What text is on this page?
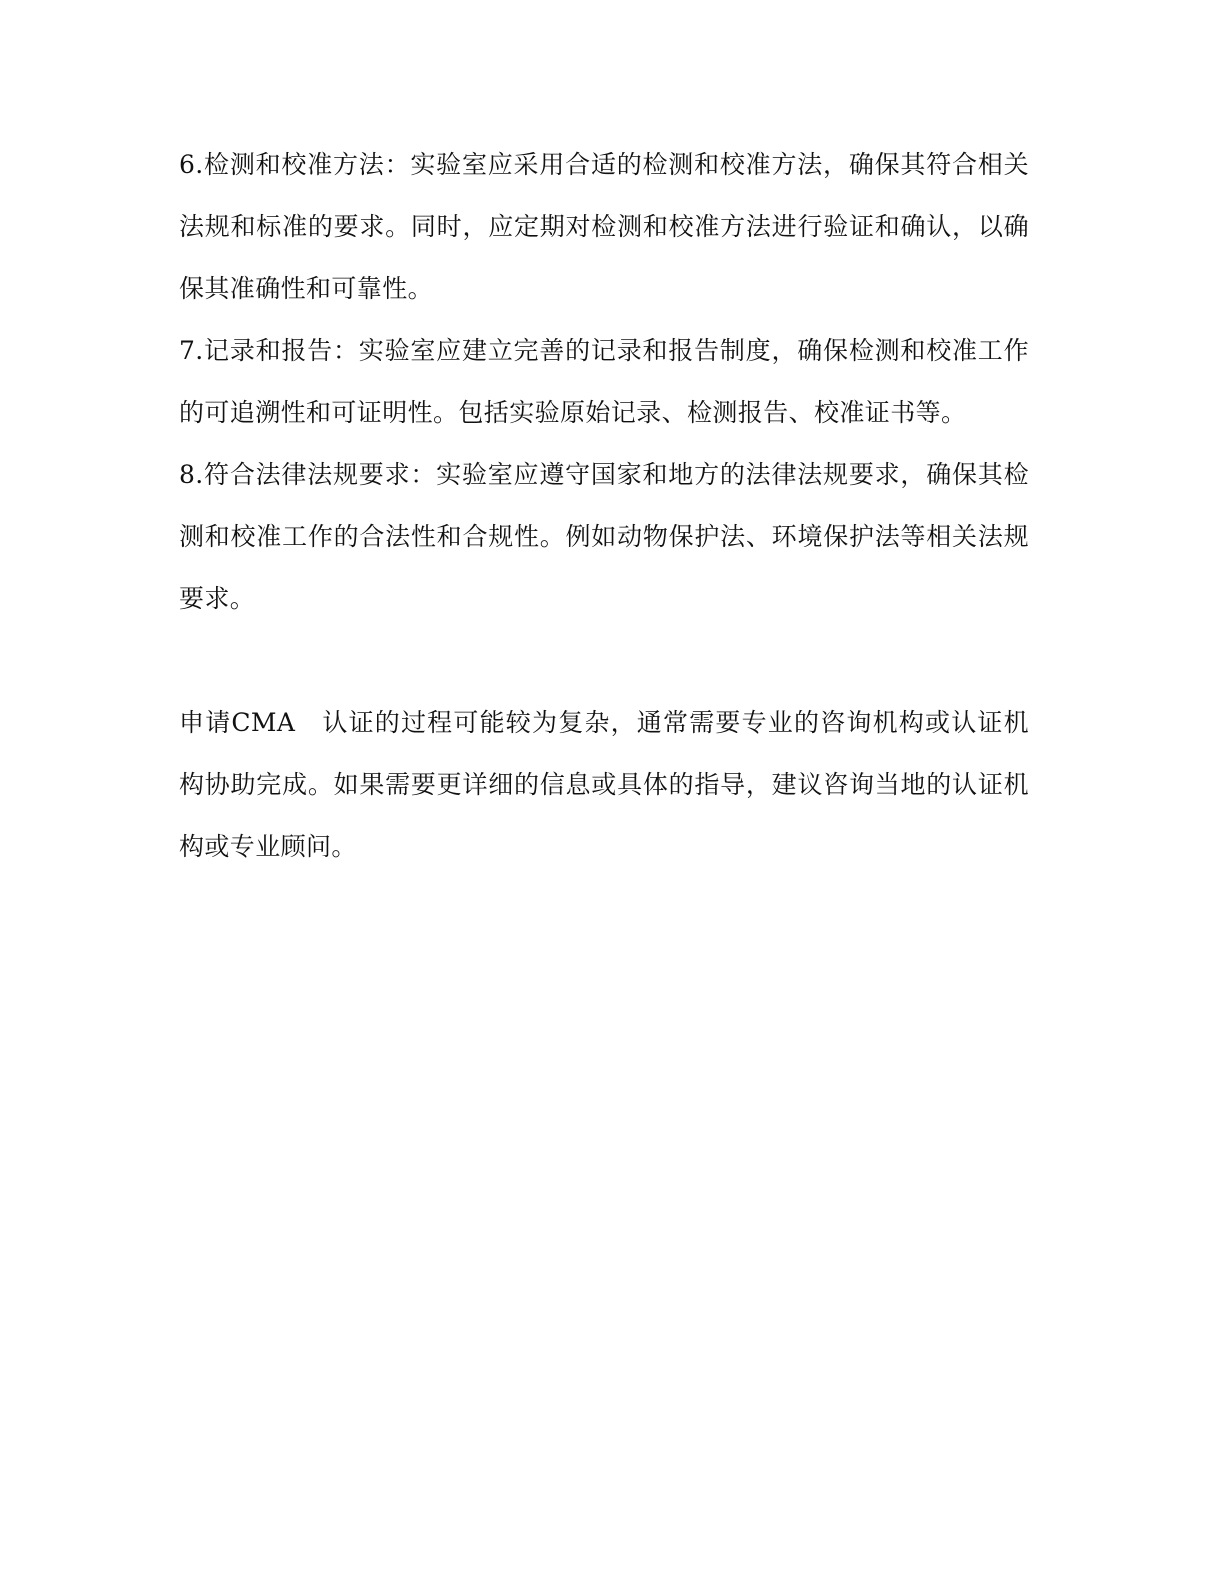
6.检测和校准方法：实验室应采用合适的检测和校准方法，确保其符合相关法规和标准的要求。同时，应定期对检测和校准方法进行验证和确认，以确保其准确性和可靠性。

7.记录和报告：实验室应建立完善的记录和报告制度，确保检测和校准工作的可追溯性和可证明性。包括实验原始记录、检测报告、校准证书等。

8.符合法律法规要求：实验室应遵守国家和地方的法律法规要求，确保其检测和校准工作的合法性和合规性。例如动物保护法、环境保护法等相关法规要求。

申请CMA　认证的过程可能较为复杂，通常需要专业的咨询机构或认证机构协助完成。如果需要更详细的信息或具体的指导，建议咨询当地的认证机构或专业顾问。
